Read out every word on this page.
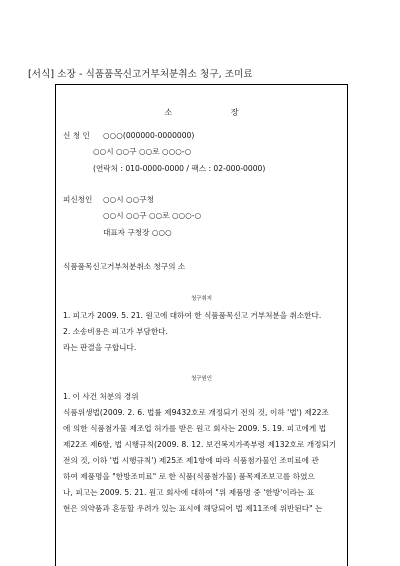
[서식] 소장 - 식품품목신고거부처분취소 청구, 조미료
소 장
신 청 인 ○○○(000000-0000000)
○○시 ○○구 ○○로 ○○○-○
(연락처 : 010-0000-0000 / 팩스 : 02-000-0000)
피신청인 ○○시 ○○구청
○○시 ○○구 ○○로 ○○○-○
대표자 구청장 ○○○
식품품목신고거부처분취소 청구의 소
청구취지
1. 피고가 2009. 5. 21. 원고에 대하여 한 식품품목신고 거부처분을 취소한다.
2. 소송비용은 피고가 부담한다.
라는 판결을 구합니다.
청구원인
1. 이 사건 처분의 경위
식품위생법(2009. 2. 6. 법률 제9432호로 개정되기 전의 것, 이하 '법') 제22조
에 의한 식품첨가물 제조업 허가를 받은 원고 회사는 2009. 5. 19. 피고에게 법
제22조 제6항, 법 시행규칙(2009. 8. 12. 보건복지가족부령 제132호로 개정되기
전의 것, 이하 '법 시행규칙') 제25조 제1항에 따라 식품첨가물인 조미료에 관
하여 제품명을 "한방조미료" 로 한 식품(식품첨가물) 품목제조보고를 하였으
나, 피고는 2009. 5. 21. 원고 회사에 대하여 "위 제품명 중 '한방'이라는 표
현은 의약품과 혼동할 우려가 있는 표시에 해당되어 법 제11조에 위반된다" 는
